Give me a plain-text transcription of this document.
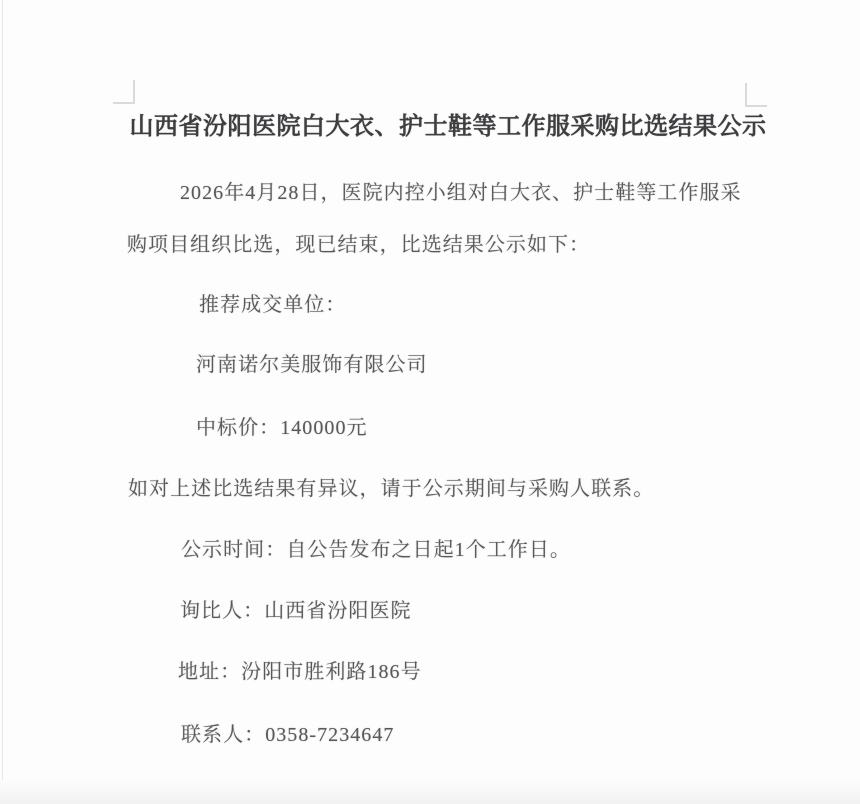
山西省汾阳医院白大衣、护士鞋等工作服采购比选结果公示

2026年4月28日，医院内控小组对白大衣、护士鞋等工作服采

购项目组织比选，现已结束，比选结果公示如下：

推荐成交单位：

河南诺尔美服饰有限公司

中标价：140000元

如对上述比选结果有异议，请于公示期间与采购人联系。

公示时间：自公告发布之日起1个工作日。

询比人：山西省汾阳医院

地址：汾阳市胜利路186号

联系人：0358-7234647
